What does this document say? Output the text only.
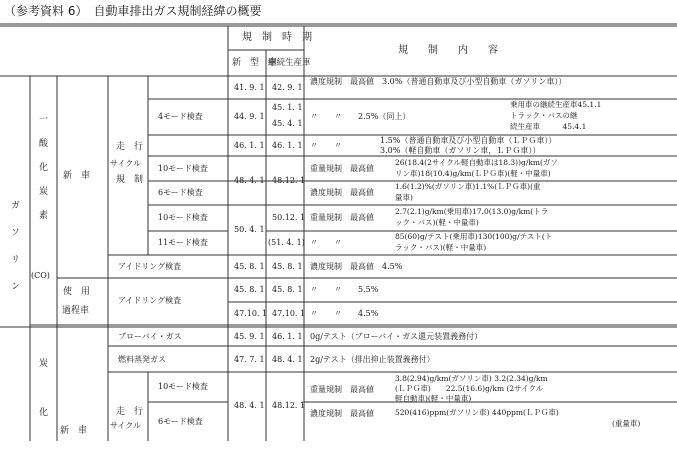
（参考資料 6）　自動車排出ガス規制経緯の概要
規　制　時　期
新　型　車
継続生産車
規　　制　　内　　容
ガソリン
一酸化炭素
(CO)
新　車
走　行
サイクル
規　制
使　用
過程車
炭化 新　車
走　行
サイクル
4モード検査
10モード検査
6モード検査
10モード検査
11モード検査
アイドリング検査
アイドリング検査
ブローバイ・ガス
燃料蒸発ガス
10モード検査
6モード検査
41. 9. 1
44. 9. 1
46. 1. 1
48. 4. 1
50. 4. 1
45. 8. 1
45. 8. 1
47.10. 1
45. 9. 1
47. 7. 1
48. 4. 1
42. 9. 1
45. 1. 1
45. 4. 1
46. 1. 1
48.12. 1
50.12. 1
(51. 4. 1)
45. 8. 1
45. 8. 1
47.10. 1
46. 1. 1
48. 4. 1
48.12. 1
濃度規制　最高値　3.0%（普通自動車及び小型自動車（ガソリン車））
〃　　〃　　2.5%（同上）
乗用車の継続生産車45.1.1
トラック・バスの継
続生産車　　　45.4.1
〃　　〃
1.5%（普通自動車及び小型自動車（ＬＰＧ車））
3.0%（軽自動車（ガソリン車，ＬＰＧ車））
重量規制　最高値
26(18.4(2サイクル軽自動車は18.3))g/km(ガソ
リン車)18(10.4)g/km(ＬＰＧ車)(軽・中量車)
濃度規制　最高値
1.6(1.2)%(ガソリン車)1.1%(ＬＰＧ車)(重
量車)
重量規制　最高値
2.7(2.1)g/km(乗用車)17.0(13.0)g/km(トラ
ック・バス)(軽・中量車)
〃　　〃
85(60)g/テスト(乗用車)130(100)g/テスト(ト
ラック・バス)(軽・中量車)
濃度規制　最高値　4.5%
〃　　〃　　5.5%
〃　　〃　　4.5%
0g/テスト（ブローバイ・ガス還元装置義務付）
2g/テスト（排出抑止装置義務付）
重量規制　最高値
3.8(2.94)g/km(ガソリン車) 3.2(2.34)g/km
(ＬＰＧ車)　　22.5(16.6)g/km (2サイクル
軽自動車)(軽・中量車)
濃度規制　最高値	520(416)ppm(ガソリン車) 440ppm(ＬＰＧ車)
(重量車)
